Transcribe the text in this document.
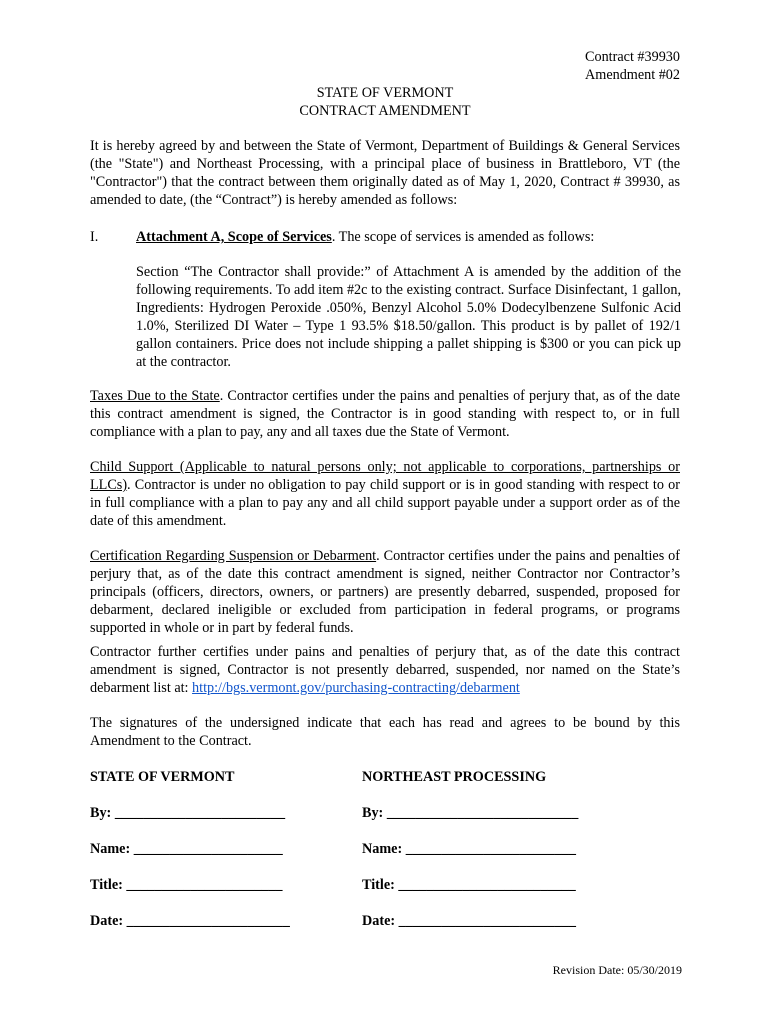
Contract #39930
Amendment #02
STATE OF VERMONT
CONTRACT AMENDMENT

It is hereby agreed by and between the State of Vermont, Department of Buildings & General Services (the "State") and Northeast Processing, with a principal place of business in Brattleboro, VT (the "Contractor") that the contract between them originally dated as of May 1, 2020, Contract # 39930, as amended to date, (the “Contract”) is hereby amended as follows:

I.	Attachment A, Scope of Services. The scope of services is amended as follows:

Section “The Contractor shall provide:” of Attachment A is amended by the addition of the following requirements. To add item #2c to the existing contract. Surface Disinfectant, 1 gallon, Ingredients: Hydrogen Peroxide .050%, Benzyl Alcohol 5.0% Dodecylbenzene Sulfonic Acid 1.0%, Sterilized DI Water – Type 1 93.5% $18.50/gallon. This product is by pallet of 192/1 gallon containers. Price does not include shipping a pallet shipping is $300 or you can pick up at the contractor.

Taxes Due to the State. Contractor certifies under the pains and penalties of perjury that, as of the date this contract amendment is signed, the Contractor is in good standing with respect to, or in full compliance with a plan to pay, any and all taxes due the State of Vermont.

Child Support (Applicable to natural persons only; not applicable to corporations, partnerships or LLCs). Contractor is under no obligation to pay child support or is in good standing with respect to or in full compliance with a plan to pay any and all child support payable under a support order as of the date of this amendment.

Certification Regarding Suspension or Debarment. Contractor certifies under the pains and penalties of perjury that, as of the date this contract amendment is signed, neither Contractor nor Contractor’s principals (officers, directors, owners, or partners) are presently debarred, suspended, proposed for debarment, declared ineligible or excluded from participation in federal programs, or programs supported in whole or in part by federal funds.

Contractor further certifies under pains and penalties of perjury that, as of the date this contract amendment is signed, Contractor is not presently debarred, suspended, nor named on the State’s debarment list at: http://bgs.vermont.gov/purchasing-contracting/debarment

The signatures of the undersigned indicate that each has read and agrees to be bound by this Amendment to the Contract.

STATE OF VERMONT	NORTHEAST PROCESSING
By: ________________________	By: ___________________________
Name: _____________________	Name: ________________________
Title: ______________________	Title: _________________________
Date: _______________________	Date: _________________________
Revision Date: 05/30/2019
